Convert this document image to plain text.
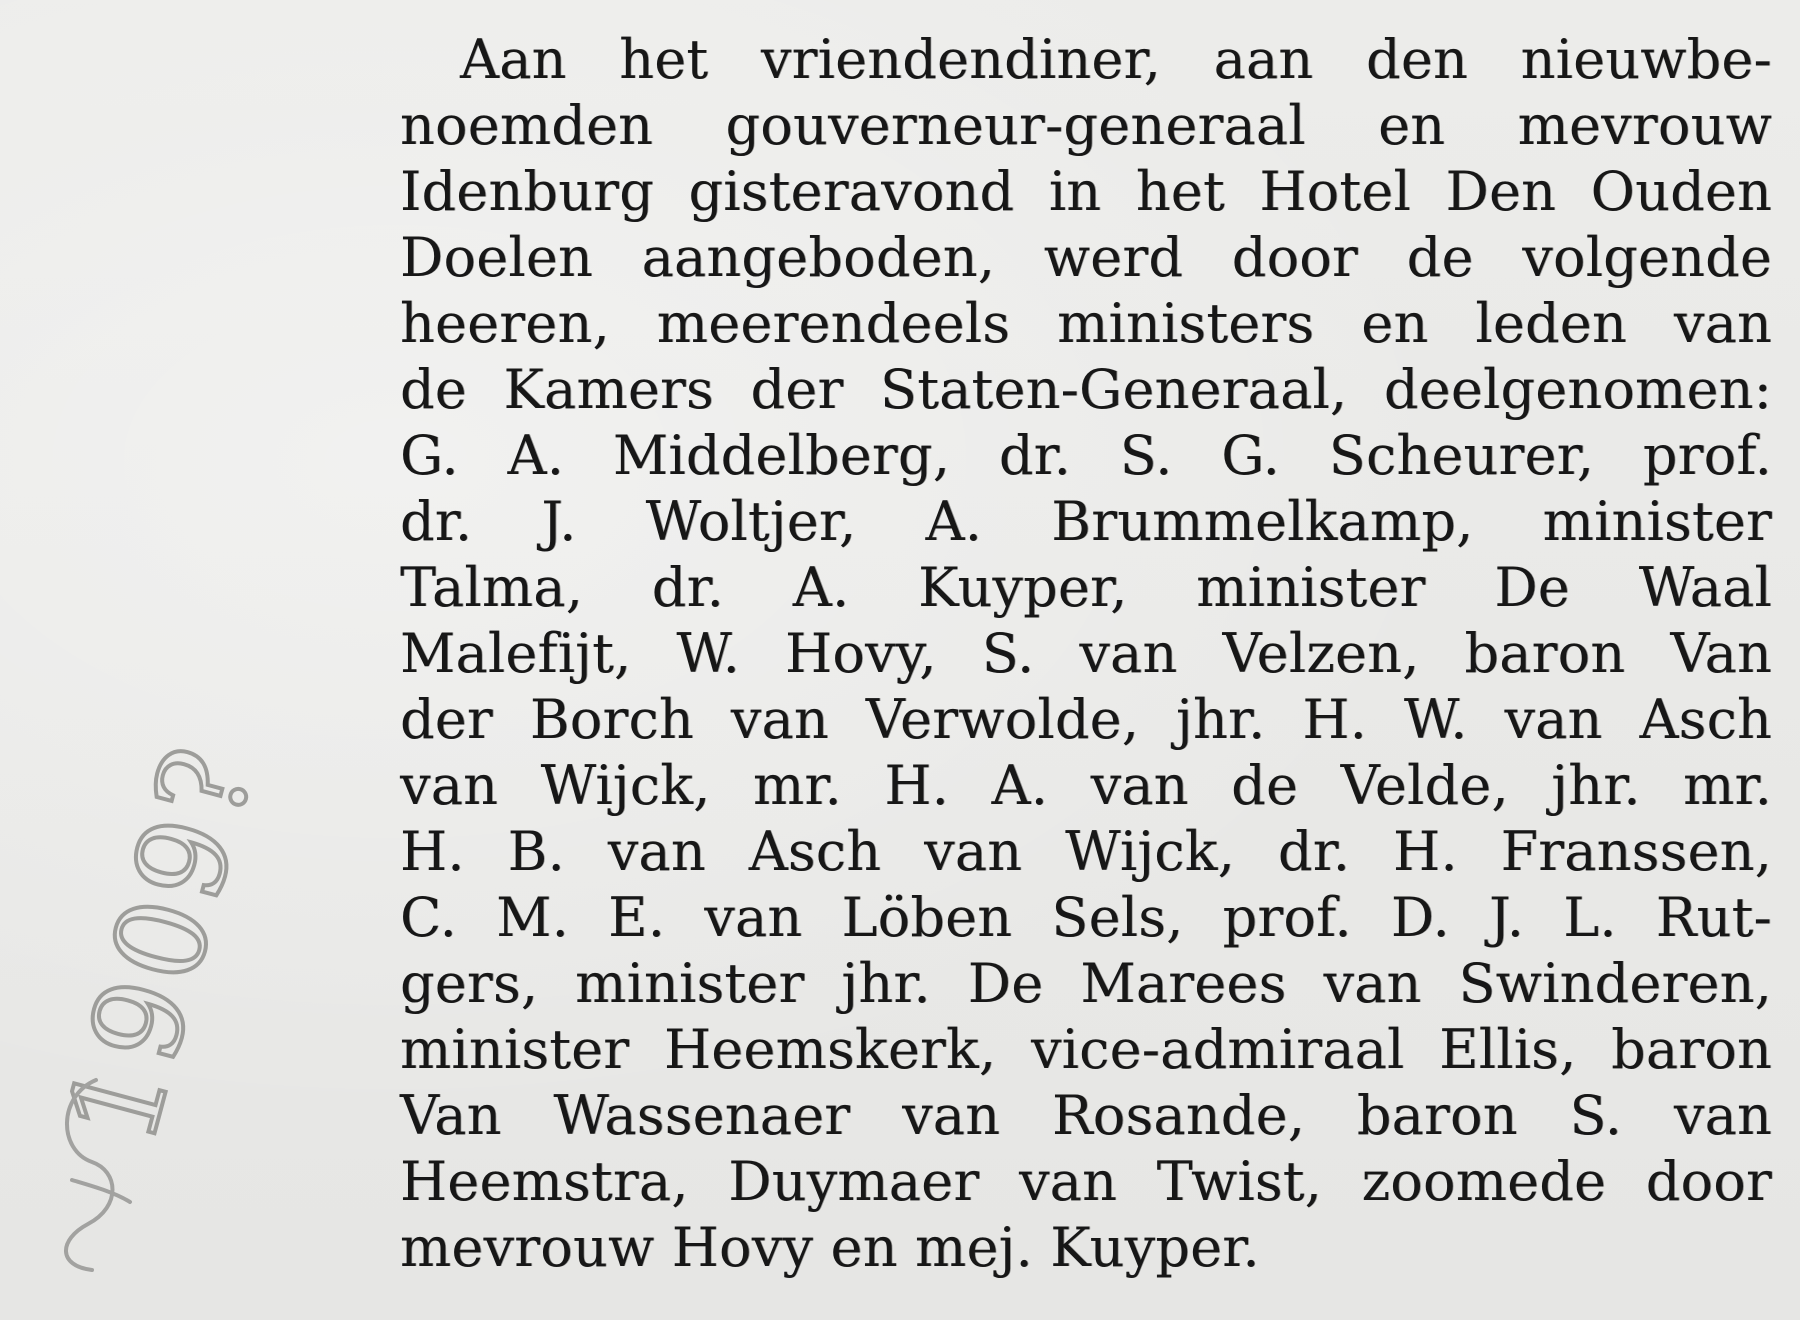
1909?
Aan het vriendendiner, aan den nieuwbe-
noemden gouverneur-generaal en mevrouw
Idenburg gisteravond in het Hotel Den Ouden
Doelen aangeboden, werd door de volgende
heeren, meerendeels ministers en leden van
de Kamers der Staten-Generaal, deelgenomen:
G. A. Middelberg, dr. S. G. Scheurer, prof.
dr. J. Woltjer, A. Brummelkamp, minister
Talma, dr. A. Kuyper, minister De Waal
Malefijt, W. Hovy, S. van Velzen, baron Van
der Borch van Verwolde, jhr. H. W. van Asch
van Wijck, mr. H. A. van de Velde, jhr. mr.
H. B. van Asch van Wijck, dr. H. Franssen,
C. M. E. van Löben Sels, prof. D. J. L. Rut-
gers, minister jhr. De Marees van Swinderen,
minister Heemskerk, vice-admiraal Ellis, baron
Van Wassenaer van Rosande, baron S. van
Heemstra, Duymaer van Twist, zoomede door
mevrouw Hovy en mej. Kuyper.
